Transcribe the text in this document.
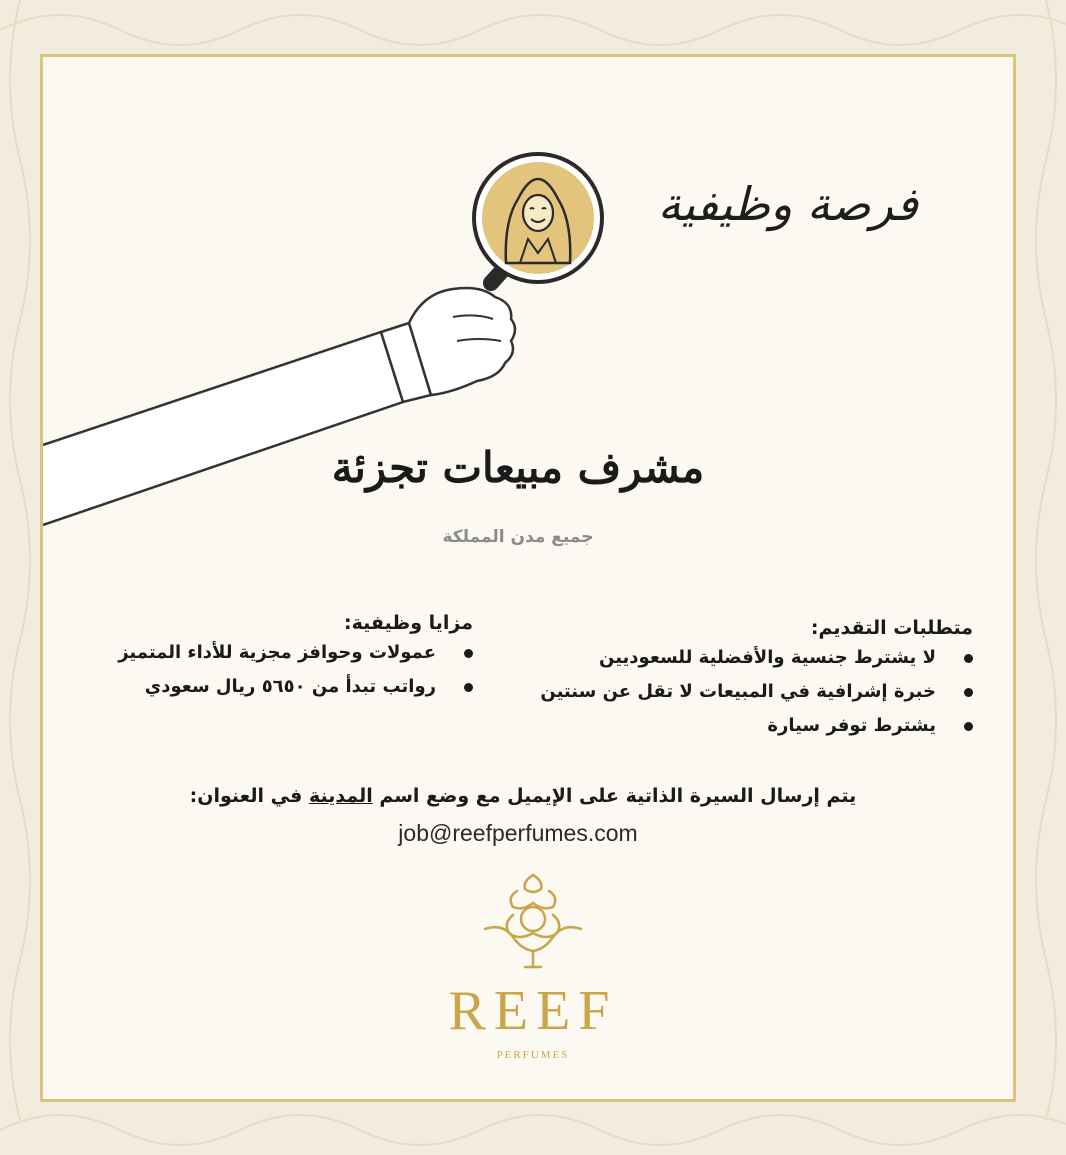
فرصة وظيفية
مشرف مبيعات تجزئة
جميع مدن المملكة
متطلبات التقديم:
لا يشترط جنسية والأفضلية للسعوديين
خبرة إشرافية في المبيعات لا تقل عن سنتين
يشترط توفر سيارة
مزايا وظيفية:
عمولات وحوافز مجزية للأداء المتميز
رواتب تبدأ من ٥٦٥٠ ريال سعودي
يتم إرسال السيرة الذاتية على الإيميل مع وضع اسم المدينة في العنوان:
job@reefperfumes.com
REEF
PERFUMES
